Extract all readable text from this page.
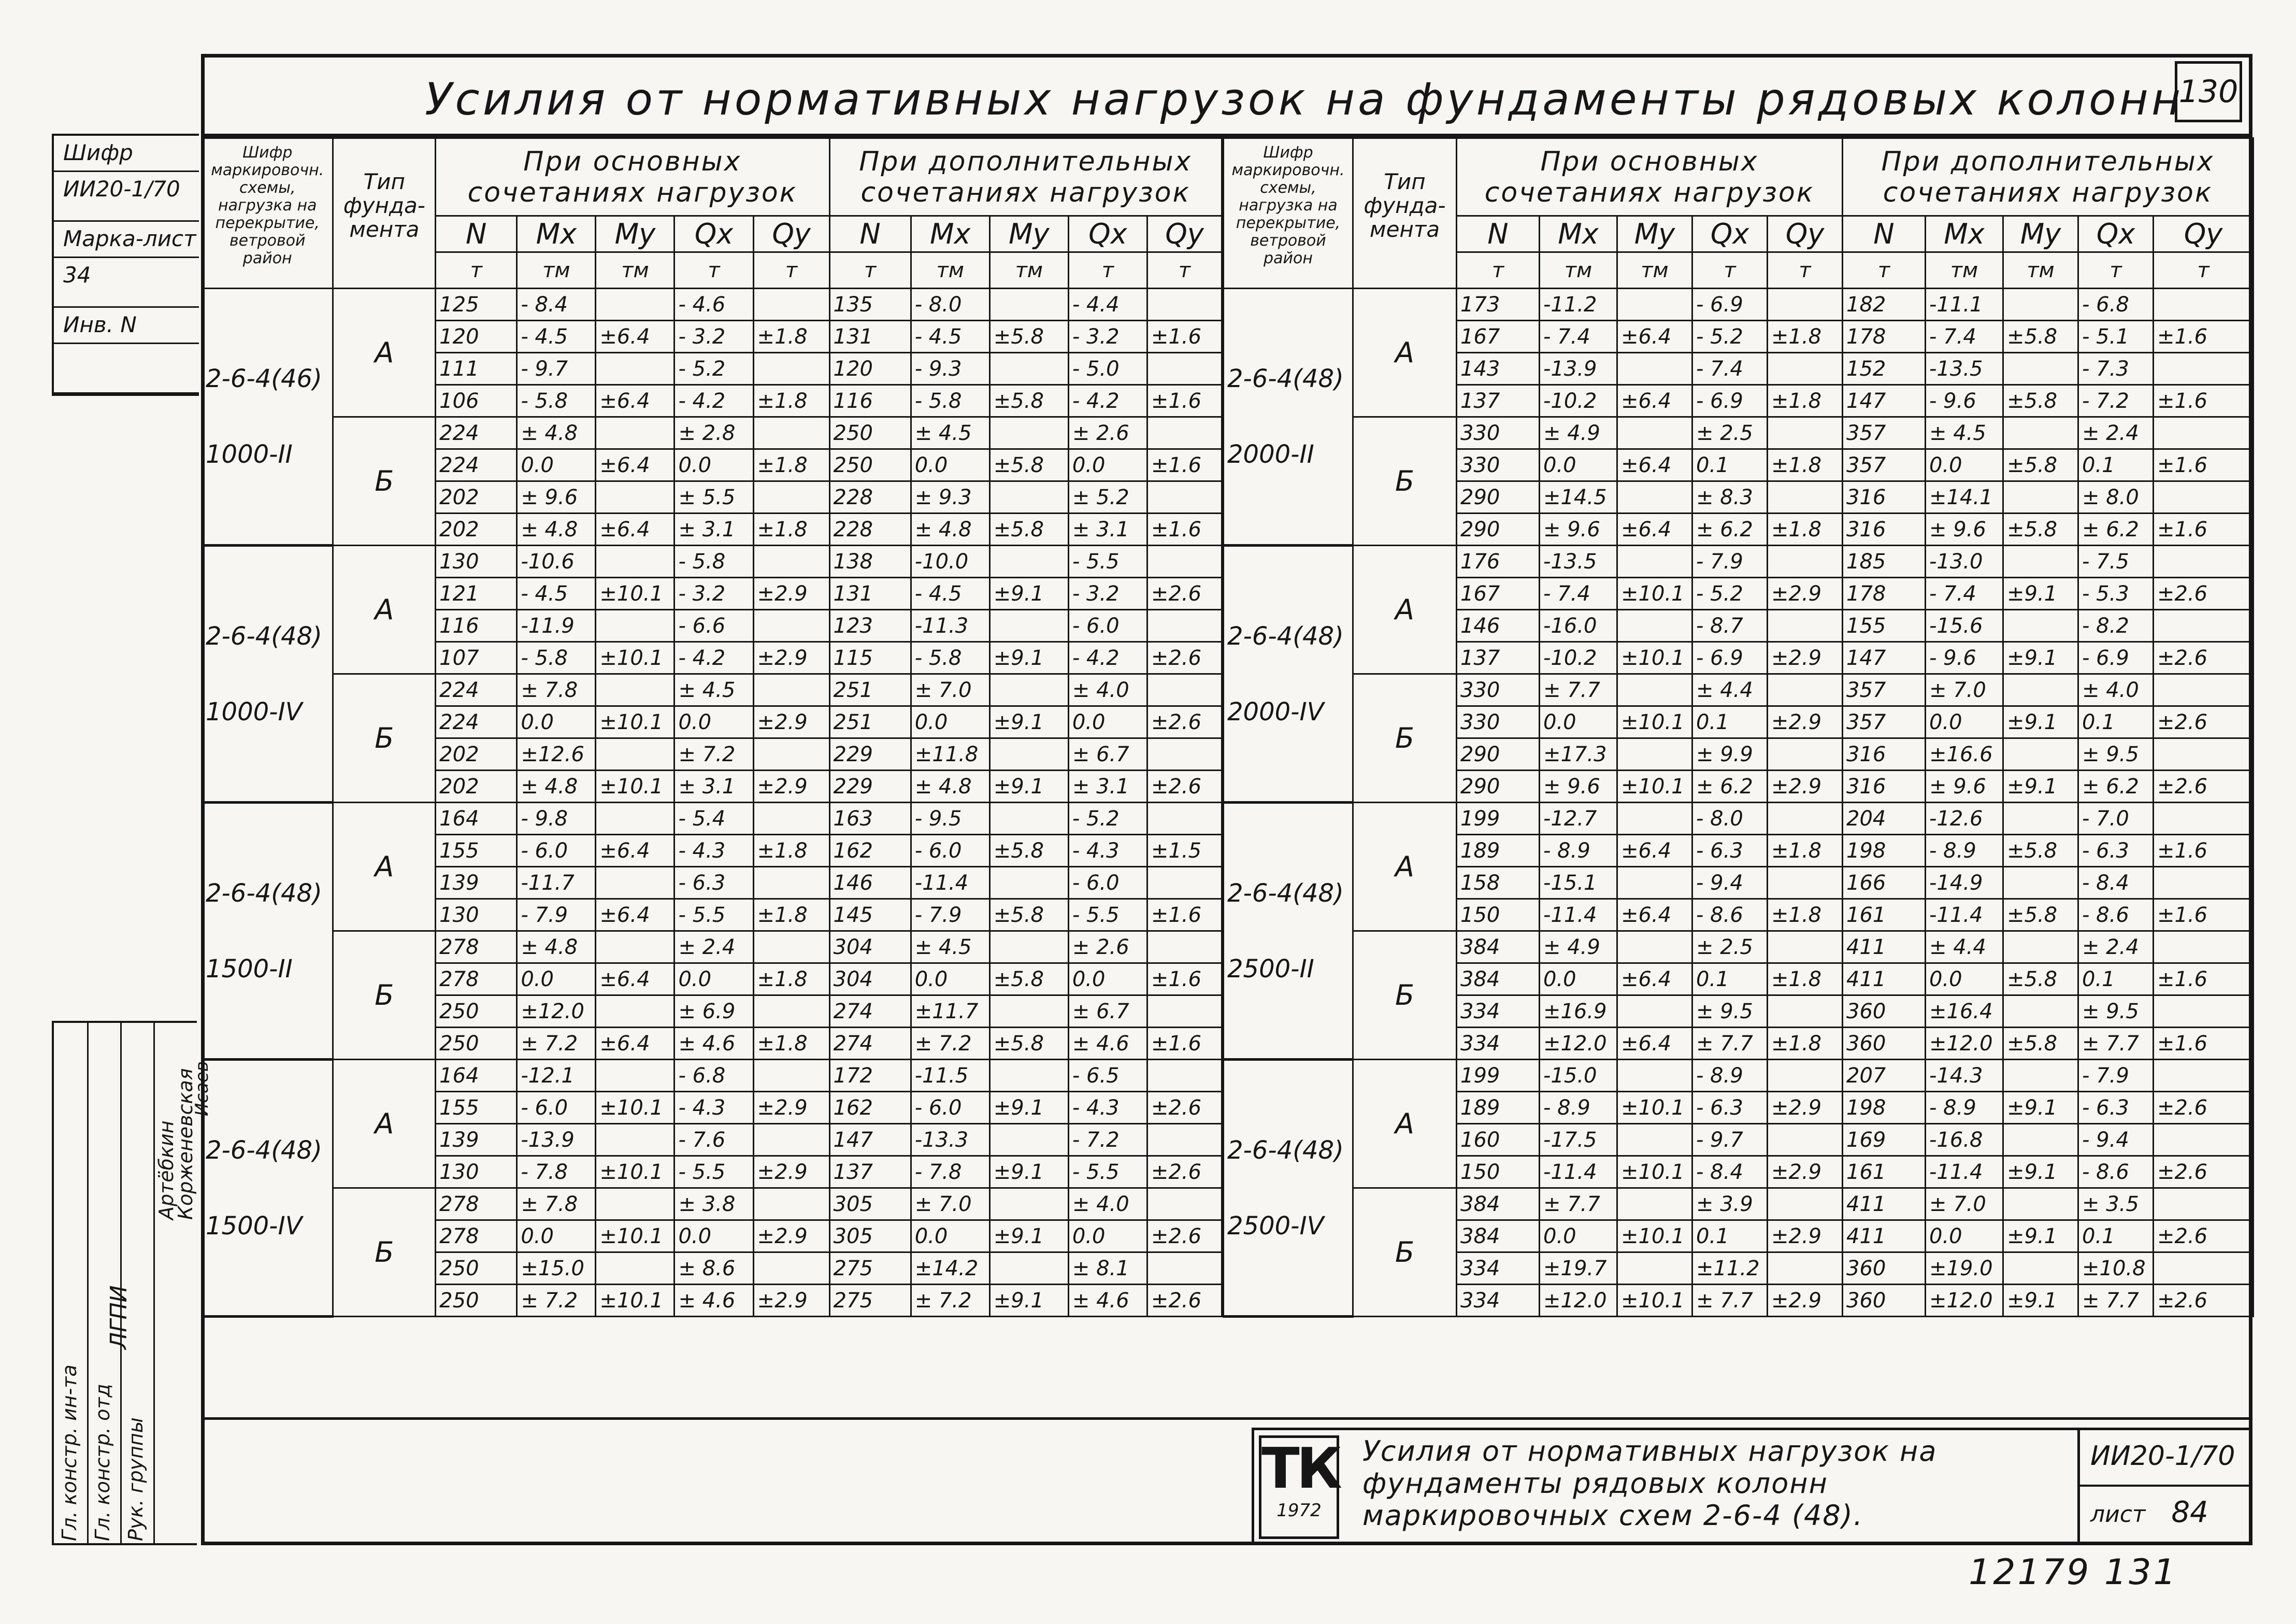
Усилия от нормативных нагрузок на фундаменты рядовых колонн
130
Шифр
ИИ20-1/70
Марка-лист
34
Инв. N
Гл. констр. ин-та Гл. констр. отд Рук. группы
ЛГПИ
Артёбкин
Корженевская
Исаев
Шифр маркировочн. схемы, нагрузка на перекрытие, ветровой район	Тип фунда-мента	При основных сочетаниях нагрузок					При дополнительных сочетаниях нагрузок				
		N	Mx	My	Qx	Qy	N	Mx	My	Qx	Qy
		т	тм	тм	т	т	т	тм	тм	т	т

2-6-4(46)
1000-II	А	125	- 8.4		- 4.6		135	- 8.0		- 4.4	
		120	- 4.5	±6.4	- 3.2	±1.8	131	- 4.5	±5.8	- 3.2	±1.6
		111	- 9.7		- 5.2		120	- 9.3		- 5.0	
		106	- 5.8	±6.4	- 4.2	±1.8	116	- 5.8	±5.8	- 4.2	±1.6
	Б	224	± 4.8		± 2.8		250	± 4.5		± 2.6	
		224	0.0	±6.4	0.0	±1.8	250	0.0	±5.8	0.0	±1.6
		202	± 9.6		± 5.5		228	± 9.3		± 5.2	
		202	± 4.8	±6.4	± 3.1	±1.8	228	± 4.8	±5.8	± 3.1	±1.6

2-6-4(48)
1000-IV	А	130	-10.6		- 5.8		138	-10.0		- 5.5	
		121	- 4.5	±10.1	- 3.2	±2.9	131	- 4.5	±9.1	- 3.2	±2.6
		116	-11.9		- 6.6		123	-11.3		- 6.0	
		107	- 5.8	±10.1	- 4.2	±2.9	115	- 5.8	±9.1	- 4.2	±2.6
	Б	224	± 7.8		± 4.5		251	± 7.0		± 4.0	
		224	0.0	±10.1	0.0	±2.9	251	0.0	±9.1	0.0	±2.6
		202	±12.6		± 7.2		229	±11.8		± 6.7	
		202	± 4.8	±10.1	± 3.1	±2.9	229	± 4.8	±9.1	± 3.1	±2.6

2-6-4(48)
1500-II	А	164	- 9.8		- 5.4		163	- 9.5		- 5.2	
		155	- 6.0	±6.4	- 4.3	±1.8	162	- 6.0	±5.8	- 4.3	±1.5
		139	-11.7		- 6.3		146	-11.4		- 6.0	
		130	- 7.9	±6.4	- 5.5	±1.8	145	- 7.9	±5.8	- 5.5	±1.6
	Б	278	± 4.8		± 2.4		304	± 4.5		± 2.6	
		278	0.0	±6.4	0.0	±1.8	304	0.0	±5.8	0.0	±1.6
		250	±12.0		± 6.9		274	±11.7		± 6.7	
		250	± 7.2	±6.4	± 4.6	±1.8	274	± 7.2	±5.8	± 4.6	±1.6

2-6-4(48)
1500-IV	А	164	-12.1		- 6.8		172	-11.5		- 6.5	
		155	- 6.0	±10.1	- 4.3	±2.9	162	- 6.0	±9.1	- 4.3	±2.6
		139	-13.9		- 7.6		147	-13.3		- 7.2	
		130	- 7.8	±10.1	- 5.5	±2.9	137	- 7.8	±9.1	- 5.5	±2.6
	Б	278	± 7.8		± 3.8		305	± 7.0		± 4.0	
		278	0.0	±10.1	0.0	±2.9	305	0.0	±9.1	0.0	±2.6
		250	±15.0		± 8.6		275	±14.2		± 8.1	
		250	± 7.2	±10.1	± 4.6	±2.9	275	± 7.2	±9.1	± 4.6	±2.6
Шифр маркировочн. схемы, нагрузка на перекрытие, ветровой район	Тип фунда-мента	При основных сочетаниях нагрузок					При дополнительных сочетаниях нагрузок				
		N	Mx	My	Qx	Qy	N	Mx	My	Qx	Qy
		т	тм	тм	т	т	т	тм	тм	т	т

2-6-4(48)
2000-II	А	173	-11.2		- 6.9		182	-11.1		- 6.8	
		167	- 7.4	±6.4	- 5.2	±1.8	178	- 7.4	±5.8	- 5.1	±1.6
		143	-13.9		- 7.4		152	-13.5		- 7.3	
		137	-10.2	±6.4	- 6.9	±1.8	147	- 9.6	±5.8	- 7.2	±1.6
	Б	330	± 4.9		± 2.5		357	± 4.5		± 2.4	
		330	0.0	±6.4	0.1	±1.8	357	0.0	±5.8	0.1	±1.6
		290	±14.5		± 8.3		316	±14.1		± 8.0	
		290	± 9.6	±6.4	± 6.2	±1.8	316	± 9.6	±5.8	± 6.2	±1.6

2-6-4(48)
2000-IV	А	176	-13.5		- 7.9		185	-13.0		- 7.5	
		167	- 7.4	±10.1	- 5.2	±2.9	178	- 7.4	±9.1	- 5.3	±2.6
		146	-16.0		- 8.7		155	-15.6		- 8.2	
		137	-10.2	±10.1	- 6.9	±2.9	147	- 9.6	±9.1	- 6.9	±2.6
	Б	330	± 7.7		± 4.4		357	± 7.0		± 4.0	
		330	0.0	±10.1	0.1	±2.9	357	0.0	±9.1	0.1	±2.6
		290	±17.3		± 9.9		316	±16.6		± 9.5	
		290	± 9.6	±10.1	± 6.2	±2.9	316	± 9.6	±9.1	± 6.2	±2.6

2-6-4(48)
2500-II	А	199	-12.7		- 8.0		204	-12.6		- 7.0	
		189	- 8.9	±6.4	- 6.3	±1.8	198	- 8.9	±5.8	- 6.3	±1.6
		158	-15.1		- 9.4		166	-14.9		- 8.4	
		150	-11.4	±6.4	- 8.6	±1.8	161	-11.4	±5.8	- 8.6	±1.6
	Б	384	± 4.9		± 2.5		411	± 4.4		± 2.4	
		384	0.0	±6.4	0.1	±1.8	411	0.0	±5.8	0.1	±1.6
		334	±16.9		± 9.5		360	±16.4		± 9.5	
		334	±12.0	±6.4	± 7.7	±1.8	360	±12.0	±5.8	± 7.7	±1.6

2-6-4(48)
2500-IV	А	199	-15.0		- 8.9		207	-14.3		- 7.9	
		189	- 8.9	±10.1	- 6.3	±2.9	198	- 8.9	±9.1	- 6.3	±2.6
		160	-17.5		- 9.7		169	-16.8		- 9.4	
		150	-11.4	±10.1	- 8.4	±2.9	161	-11.4	±9.1	- 8.6	±2.6
	Б	384	± 7.7		± 3.9		411	± 7.0		± 3.5	
		384	0.0	±10.1	0.1	±2.9	411	0.0	±9.1	0.1	±2.6
		334	±19.7		±11.2		360	±19.0		±10.8	
		334	±12.0	±10.1	± 7.7	±2.9	360	±12.0	±9.1	± 7.7	±2.6
ТК
1972
Усилия от нормативных нагрузок на фундаменты рядовых колонн маркировочных схем 2-6-4 (48).
ИИ20-1/70
лист 84
12179 131
